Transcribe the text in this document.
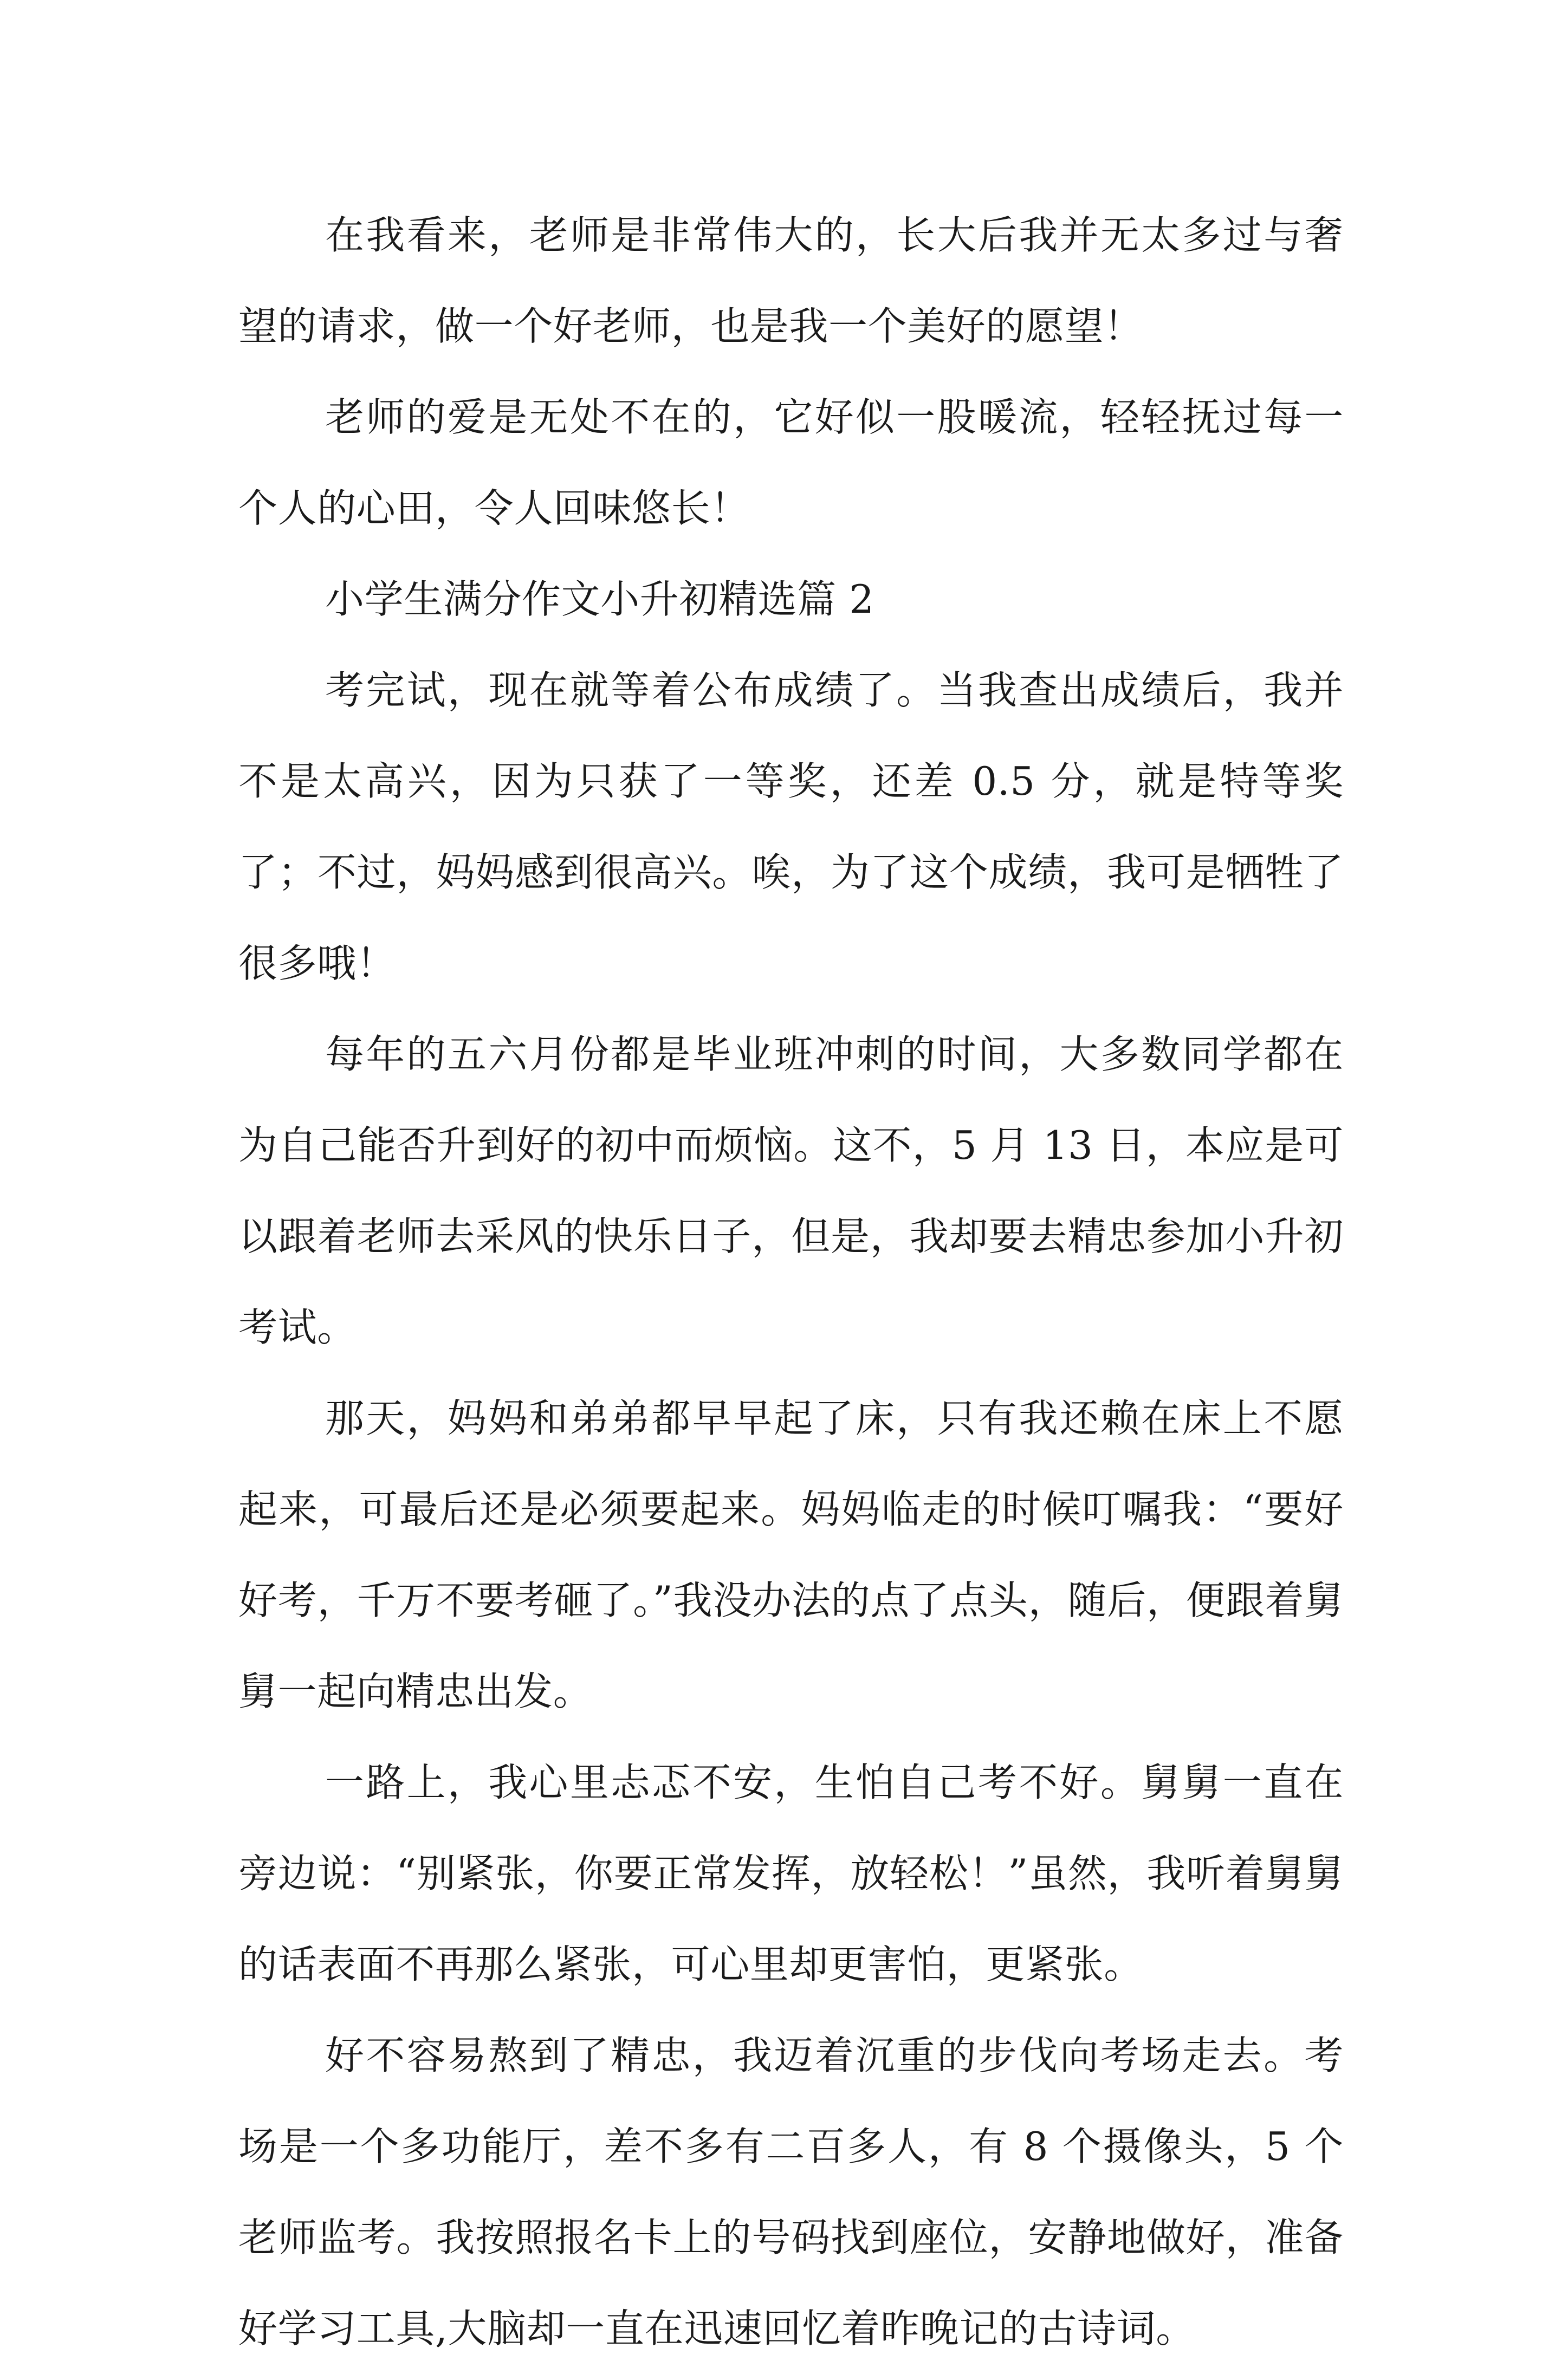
在我看来，老师是非常伟大的，长大后我并无太多过与奢望的请求，做一个好老师，也是我一个美好的愿望！

老师的爱是无处不在的，它好似一股暖流，轻轻抚过每一个人的心田，令人回味悠长！

小学生满分作文小升初精选篇 2

考完试，现在就等着公布成绩了。当我查出成绩后，我并不是太高兴，因为只获了一等奖，还差 0.5 分，就是特等奖了；不过，妈妈感到很高兴。唉，为了这个成绩，我可是牺牲了很多哦！

每年的五六月份都是毕业班冲刺的时间，大多数同学都在为自己能否升到好的初中而烦恼。这不，5 月 13 日，本应是可以跟着老师去采风的快乐日子，但是，我却要去精忠参加小升初考试。

那天，妈妈和弟弟都早早起了床，只有我还赖在床上不愿起来，可最后还是必须要起来。妈妈临走的时候叮嘱我：“要好好考，千万不要考砸了。”我没办法的点了点头，随后，便跟着舅舅一起向精忠出发。

一路上，我心里忐忑不安，生怕自己考不好。舅舅一直在旁边说：“别紧张，你要正常发挥，放轻松！”虽然，我听着舅舅的话表面不再那么紧张，可心里却更害怕，更紧张。

好不容易熬到了精忠，我迈着沉重的步伐向考场走去。考场是一个多功能厅，差不多有二百多人，有 8 个摄像头，5 个老师监考。我按照报名卡上的号码找到座位，安静地做好，准备好学习工具,大脑却一直在迅速回忆着昨晚记的古诗词。
